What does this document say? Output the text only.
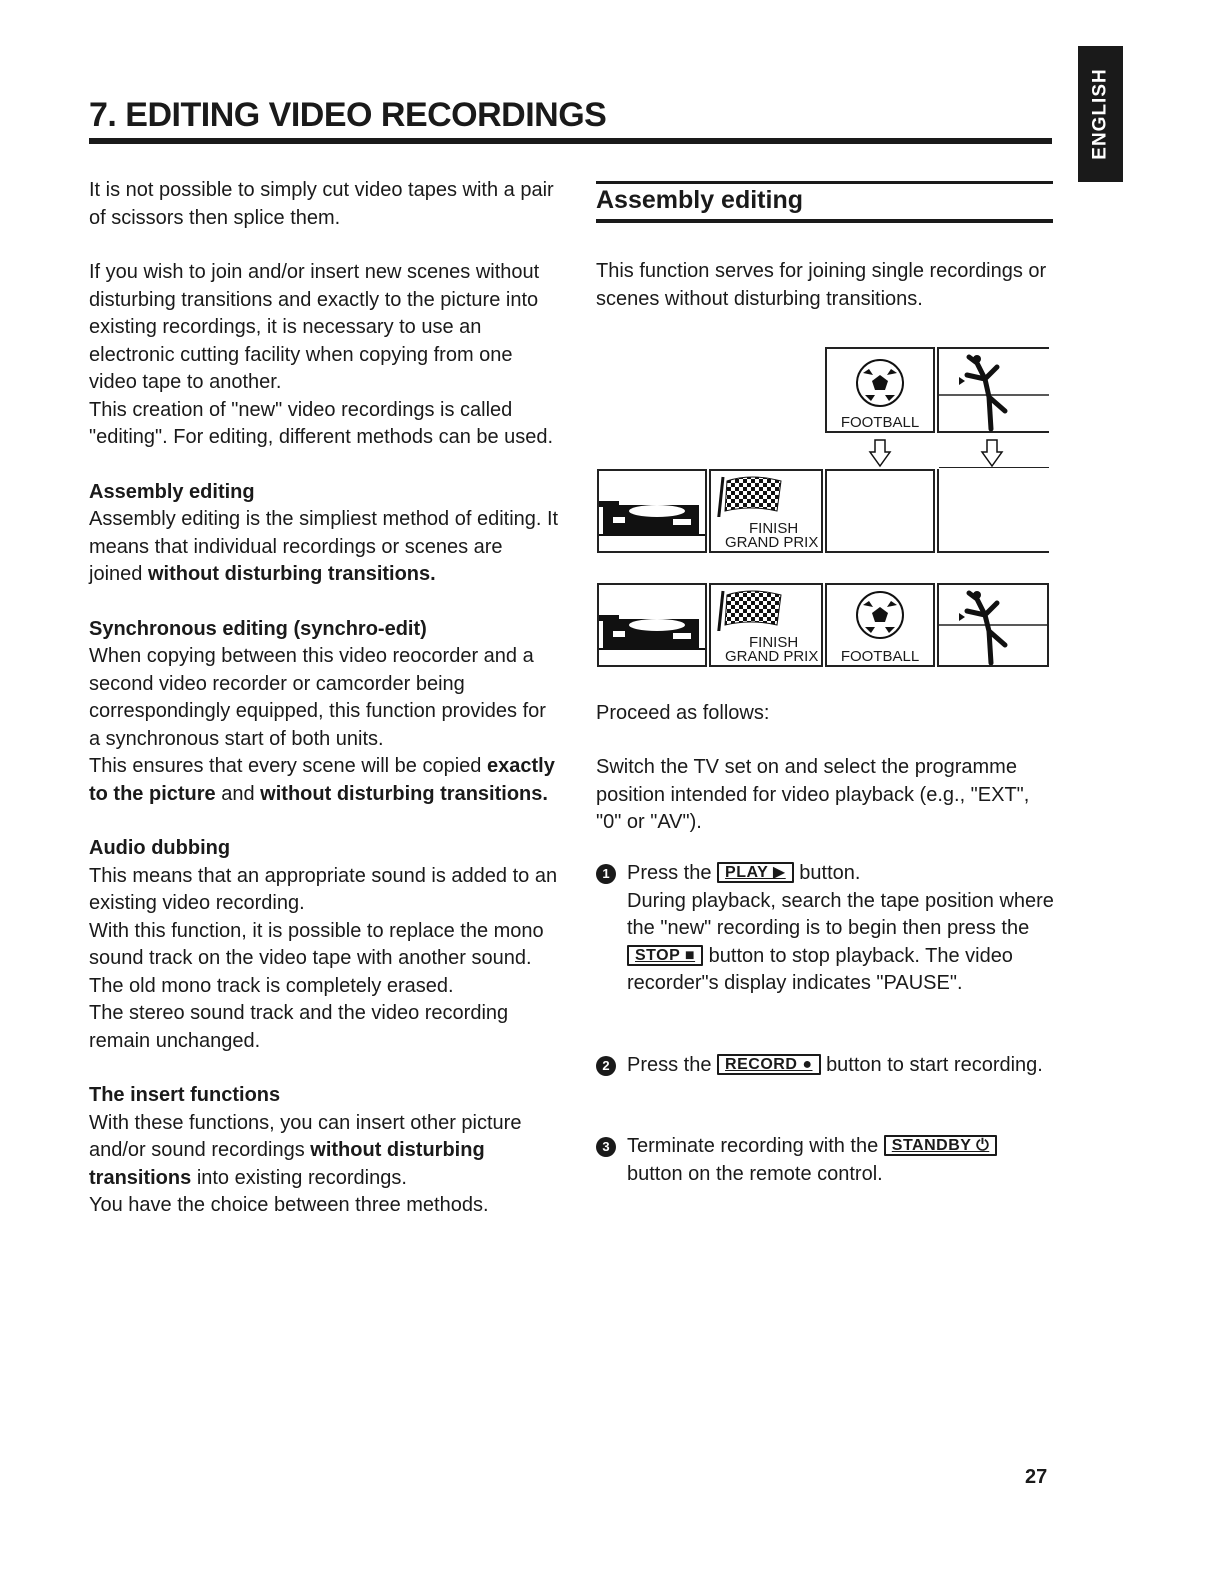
ENGLISH
7. EDITING VIDEO RECORDINGS

It is not possible to simply cut video tapes with a pair of scissors then splice them.

If you wish to join and/or insert new scenes without disturbing transitions and exactly to the picture into existing recordings, it is necessary to use an electronic cutting facility when copying from one video tape to another.

This creation of "new" video recordings is called "editing". For editing, different methods can be used.

Assembly editing

Assembly editing is the simpliest method of editing. It means that individual recordings or scenes are joined without disturbing transitions.

Synchronous editing (synchro-edit)

When copying between this video reocorder and a second video recorder or camcorder being correspondingly equipped, this function provides for a synchronous start of both units.

This ensures that every scene will be copied exactly to the picture and without disturbing transitions.

Audio dubbing

This means that an appropriate sound is added to an existing video recording.

With this function, it is possible to replace the mono sound track on the video tape with another sound. The old mono track is completely erased.

The stereo sound track and the video recording remain unchanged.

The insert functions

With these functions, you can insert other picture and/or sound recordings without disturbing transitions into existing recordings.

You have the choice between three methods.

Assembly editing

This function serves for joining single recordings or scenes without disturbing transitions.

FOOTBALL
FINISH
GRAND PRIX
FINISH
GRAND PRIX	FOOTBALL

Proceed as follows:

Switch the TV set on and select the programme position intended for video playback (e.g., "EXT", "0" or "AV").

1 Press the PLAY ▶ button.
During playback, search the tape position where the "new" recording is to begin then press the STOP ■ button to stop playback. The video recorder"s display indicates "PAUSE".
2 Press the RECORD ● button to start recording.
3 Terminate recording with the STANDBY ⏻ button on the remote control.
27
